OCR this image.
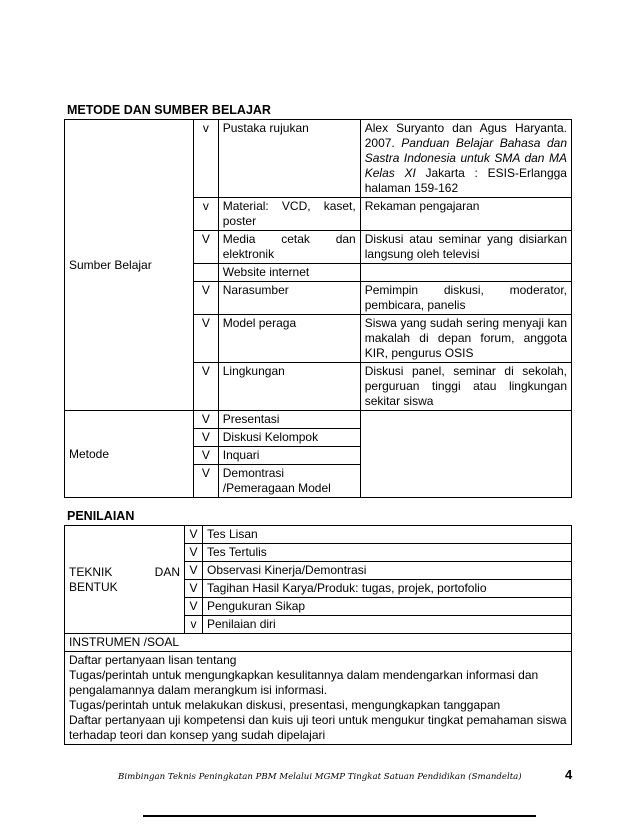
METODE DAN SUMBER BELAJAR
Sumber Belajar	v	Pustaka rujukan	Alex Suryanto dan Agus Haryanta. 2007. Panduan Belajar Bahasa dan Sastra Indonesia untuk SMA dan MA Kelas XI Jakarta : ESIS-Erlangga halaman 159-162
	v	Material: VCD, kaset, poster	Rekaman pengajaran
	V	Media cetak dan elektronik	Diskusi atau seminar yang disiarkan langsung oleh televisi
		Website internet	
	V	Narasumber	Pemimpin diskusi, moderator, pembicara, panelis
	V	Model peraga	Siswa yang sudah sering menyaji kan makalah di depan forum, anggota KIR, pengurus OSIS
	V	Lingkungan	Diskusi panel, seminar di sekolah, perguruan tinggi atau lingkungan sekitar siswa
Metode	V	Presentasi	
	V	Diskusi Kelompok	
	V	Inquari	
	V	Demontrasi /Pemeragaan Model	
PENILAIAN
TEKNIK DAN
BENTUK	V	Tes Lisan
	V	Tes Tertulis
	V	Observasi Kinerja/Demontrasi
	V	Tagihan Hasil Karya/Produk: tugas, projek, portofolio
	V	Pengukuran Sikap
	v	Penilaian diri
INSTRUMEN /SOAL		

Daftar pertanyaan lisan tentang
Tugas/perintah untuk mengungkapkan kesulitannya dalam mendengarkan informasi dan pengalamannya dalam merangkum isi informasi.
Tugas/perintah untuk melakukan diskusi, presentasi, mengungkapkan tanggapan
Daftar pertanyaan uji kompetensi dan kuis uji teori untuk mengukur tingkat pemahaman siswa terhadap teori dan konsep yang sudah dipelajari		
Bimbingan Teknis Peningkatan PBM Melalui MGMP Tingkat Satuan Pendidikan (Smandelta)	4
